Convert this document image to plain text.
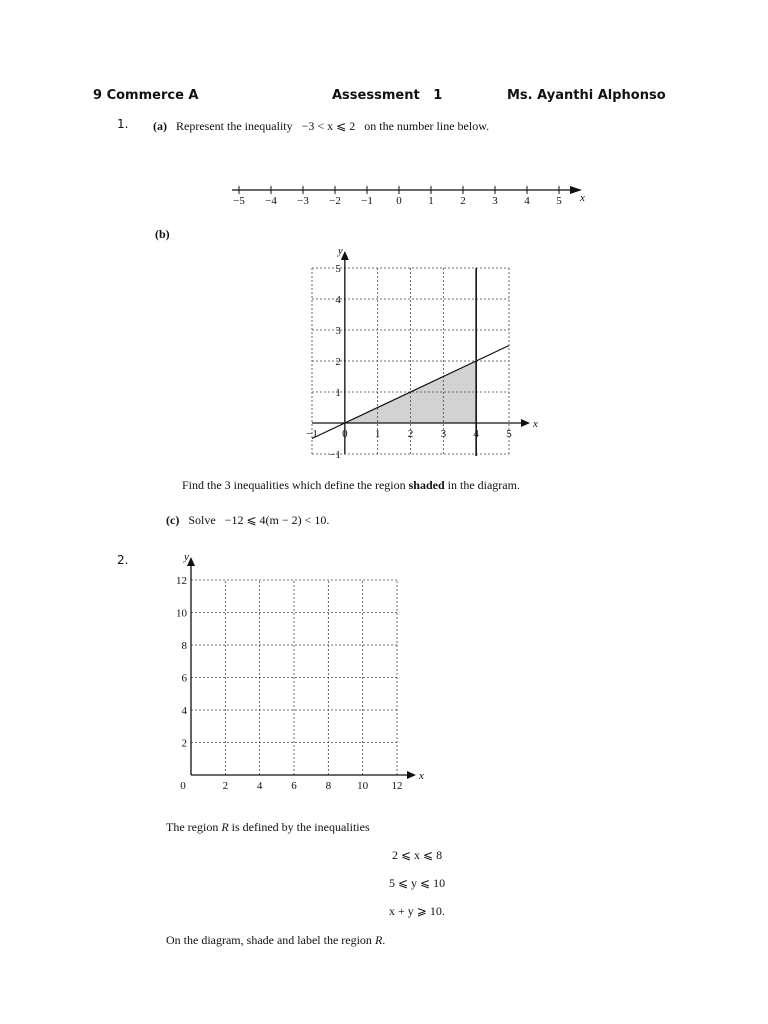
9 Commerce A	Assessment 1	Ms. Ayanthi Alphonso
1. (a) Represent the inequality −3 < x ⩽ 2 on the number line below.
−5 −4 −3 −2 −1 0 1 2 3 4 5 x
(b)
−1 0 1 2 3 4 5
−1
1
2
3
4
5
x
y
Find the 3 inequalities which define the region shaded in the diagram.
(c) Solve −12 ⩽ 4(m − 2) < 10.
2.
0	2	4	6	8 10 12
2
4
6
8
10
12
x
y
The region R is defined by the inequalities
2 ⩽ x ⩽ 8
5 ⩽ y ⩽ 10
x + y ⩾ 10.
On the diagram, shade and label the region R.
